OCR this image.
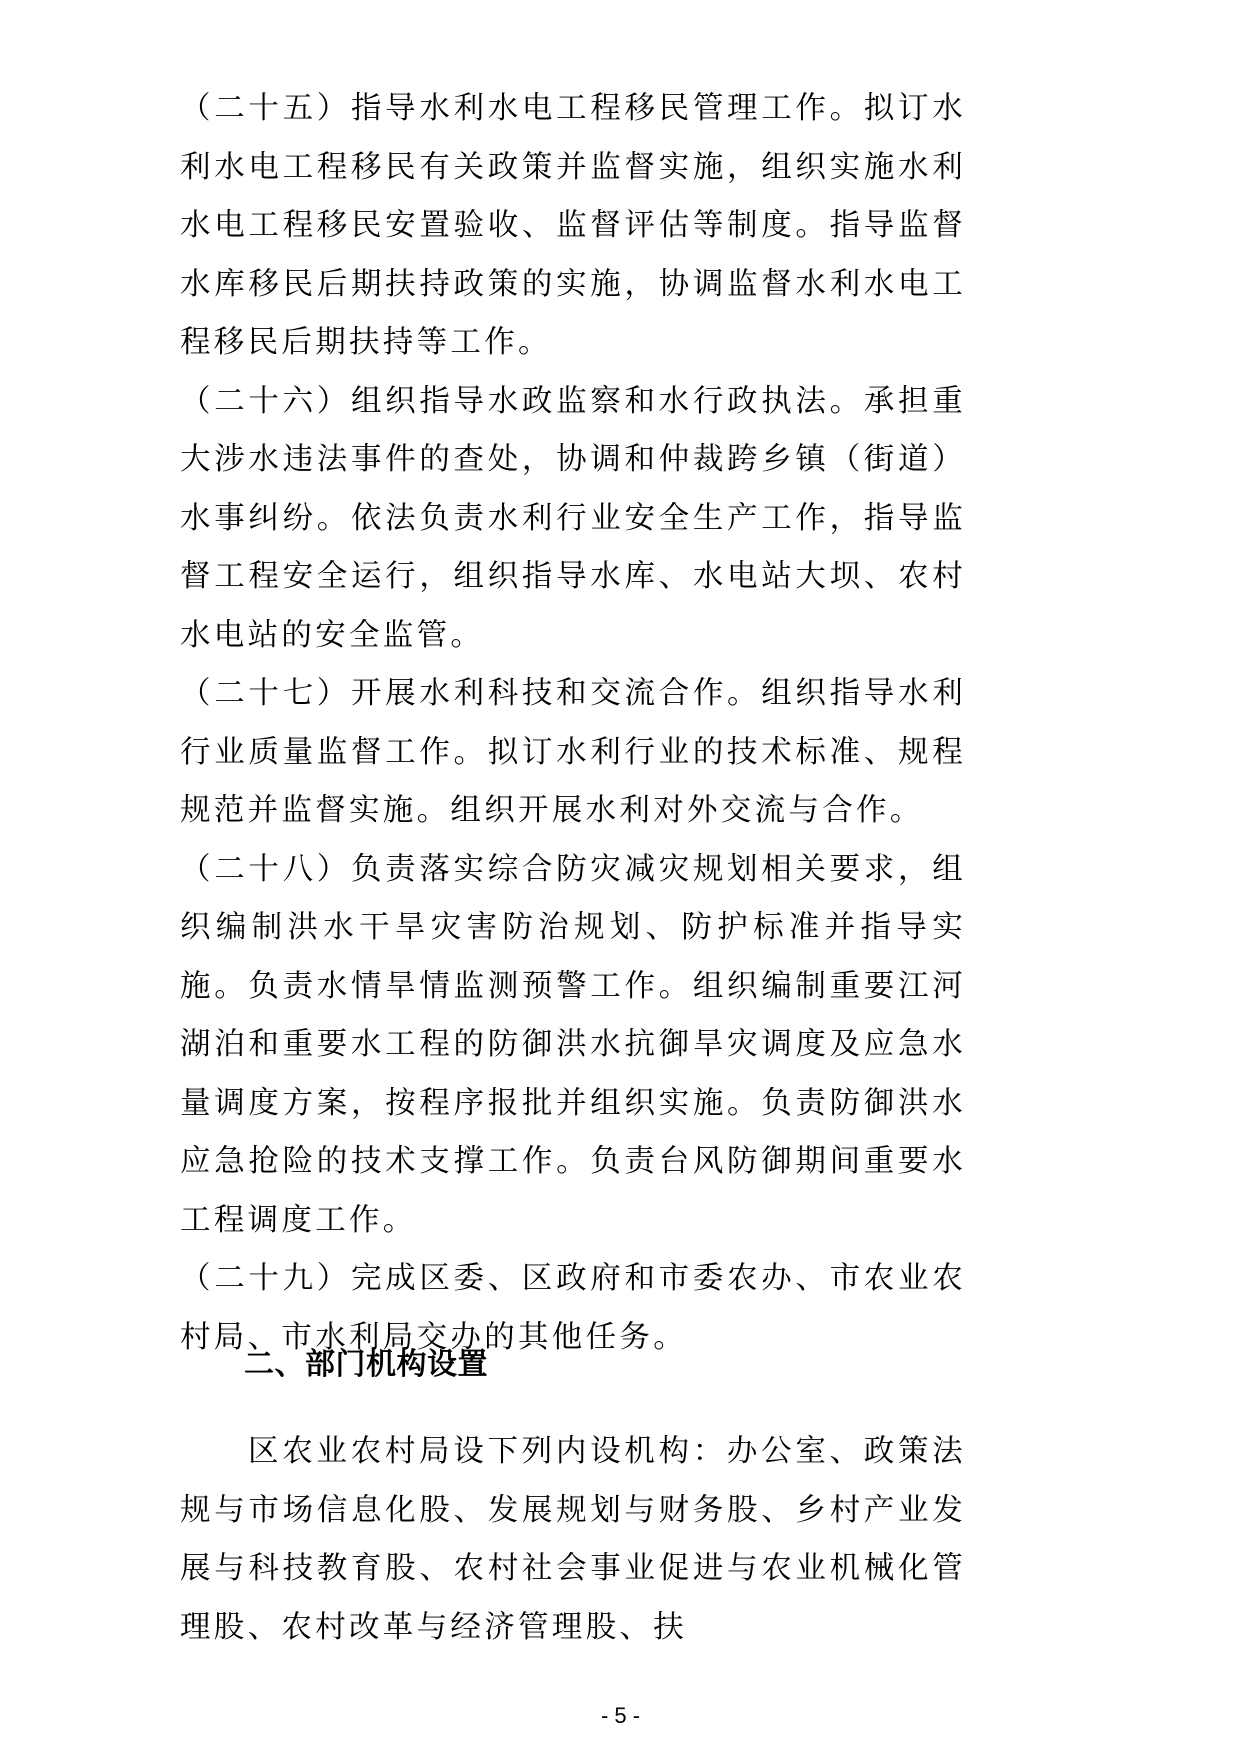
（二十五）指导水利水电工程移民管理工作。拟订水利水电工程移民有关政策并监督实施，组织实施水利水电工程移民安置验收、监督评估等制度。指导监督水库移民后期扶持政策的实施，协调监督水利水电工程移民后期扶持等工作。

（二十六）组织指导水政监察和水行政执法。承担重大涉水违法事件的查处，协调和仲裁跨乡镇（街道）水事纠纷。依法负责水利行业安全生产工作，指导监督工程安全运行，组织指导水库、水电站大坝、农村水电站的安全监管。

（二十七）开展水利科技和交流合作。组织指导水利行业质量监督工作。拟订水利行业的技术标准、规程规范并监督实施。组织开展水利对外交流与合作。

（二十八）负责落实综合防灾减灾规划相关要求，组织编制洪水干旱灾害防治规划、防护标准并指导实施。负责水情旱情监测预警工作。组织编制重要江河湖泊和重要水工程的防御洪水抗御旱灾调度及应急水量调度方案，按程序报批并组织实施。负责防御洪水应急抢险的技术支撑工作。负责台风防御期间重要水工程调度工作。

（二十九）完成区委、区政府和市委农办、市农业农村局、市水利局交办的其他任务。

二、部门机构设置

区农业农村局设下列内设机构：办公室、政策法规与市场信息化股、发展规划与财务股、乡村产业发展与科技教育股、农村社会事业促进与农业机械化管理股、农村改革与经济管理股、扶

- 5 -
